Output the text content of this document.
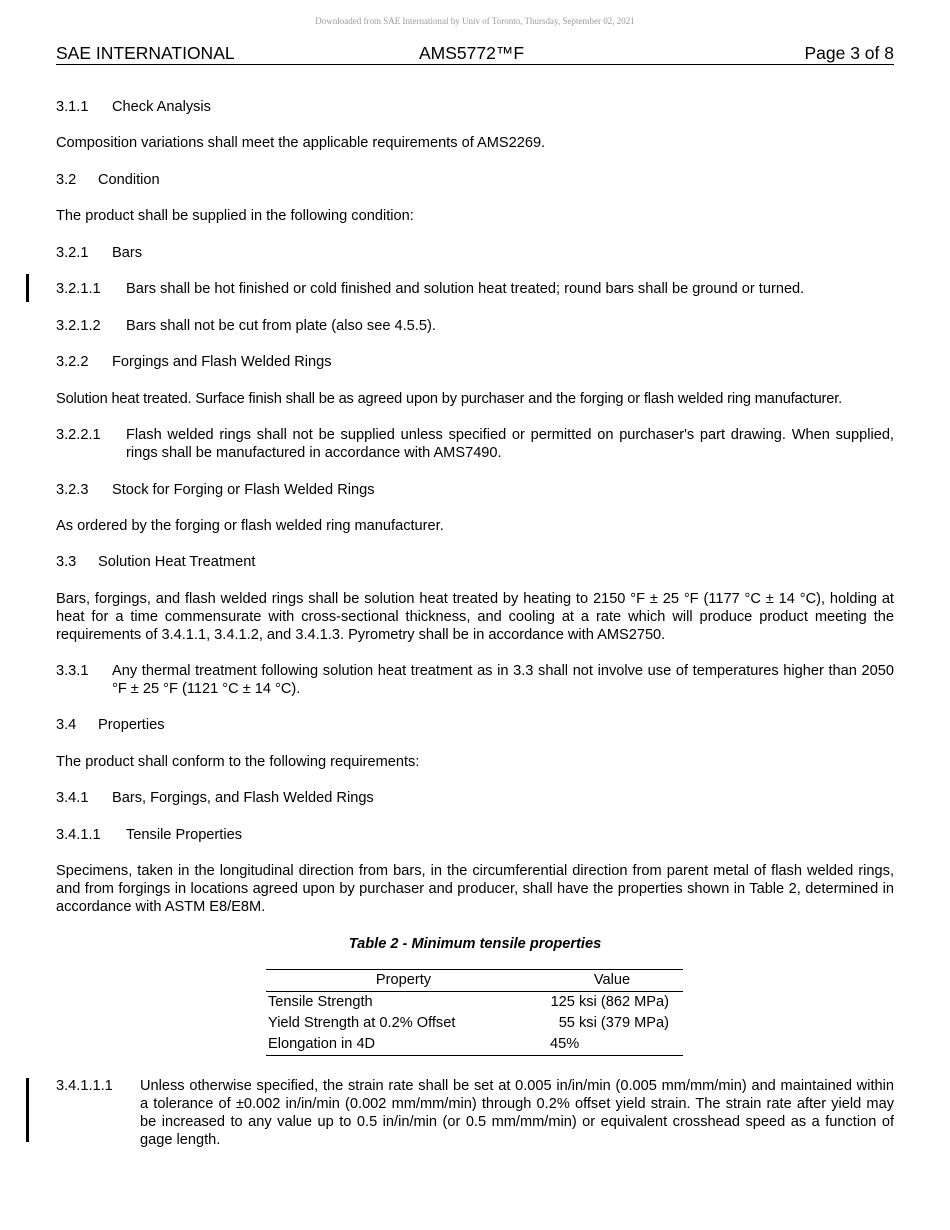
Downloaded from SAE International by Univ of Toronto, Thursday, September 02, 2021
SAE INTERNATIONAL	AMS5772™F	Page 3 of 8
3.1.1 Check Analysis
Composition variations shall meet the applicable requirements of AMS2269.
3.2 Condition
The product shall be supplied in the following condition:
3.2.1 Bars
3.2.1.1 Bars shall be hot finished or cold finished and solution heat treated; round bars shall be ground or turned.
3.2.1.2 Bars shall not be cut from plate (also see 4.5.5).
3.2.2 Forgings and Flash Welded Rings
Solution heat treated. Surface finish shall be as agreed upon by purchaser and the forging or flash welded ring manufacturer.
3.2.2.1 Flash welded rings shall not be supplied unless specified or permitted on purchaser's part drawing. When supplied, rings shall be manufactured in accordance with AMS7490.
3.2.3 Stock for Forging or Flash Welded Rings
As ordered by the forging or flash welded ring manufacturer.
3.3 Solution Heat Treatment
Bars, forgings, and flash welded rings shall be solution heat treated by heating to 2150 °F ± 25 °F (1177 °C ± 14 °C), holding at heat for a time commensurate with cross-sectional thickness, and cooling at a rate which will produce product meeting the requirements of 3.4.1.1, 3.4.1.2, and 3.4.1.3. Pyrometry shall be in accordance with AMS2750.
3.3.1 Any thermal treatment following solution heat treatment as in 3.3 shall not involve use of temperatures higher than 2050 °F ± 25 °F (1121 °C ± 14 °C).
3.4 Properties
The product shall conform to the following requirements:
3.4.1 Bars, Forgings, and Flash Welded Rings
3.4.1.1 Tensile Properties
Specimens, taken in the longitudinal direction from bars, in the circumferential direction from parent metal of flash welded rings, and from forgings in locations agreed upon by purchaser and producer, shall have the properties shown in Table 2, determined in accordance with ASTM E8/E8M.
Table 2 - Minimum tensile properties
Property	Value
Tensile Strength	125 ksi (862 MPa)
Yield Strength at 0.2% Offset	55 ksi (379 MPa)
Elongation in 4D	45%
3.4.1.1.1 Unless otherwise specified, the strain rate shall be set at 0.005 in/in/min (0.005 mm/mm/min) and maintained within a tolerance of ±0.002 in/in/min (0.002 mm/mm/min) through 0.2% offset yield strain. The strain rate after yield may be increased to any value up to 0.5 in/in/min (or 0.5 mm/mm/min) or equivalent crosshead speed as a function of gage length.
